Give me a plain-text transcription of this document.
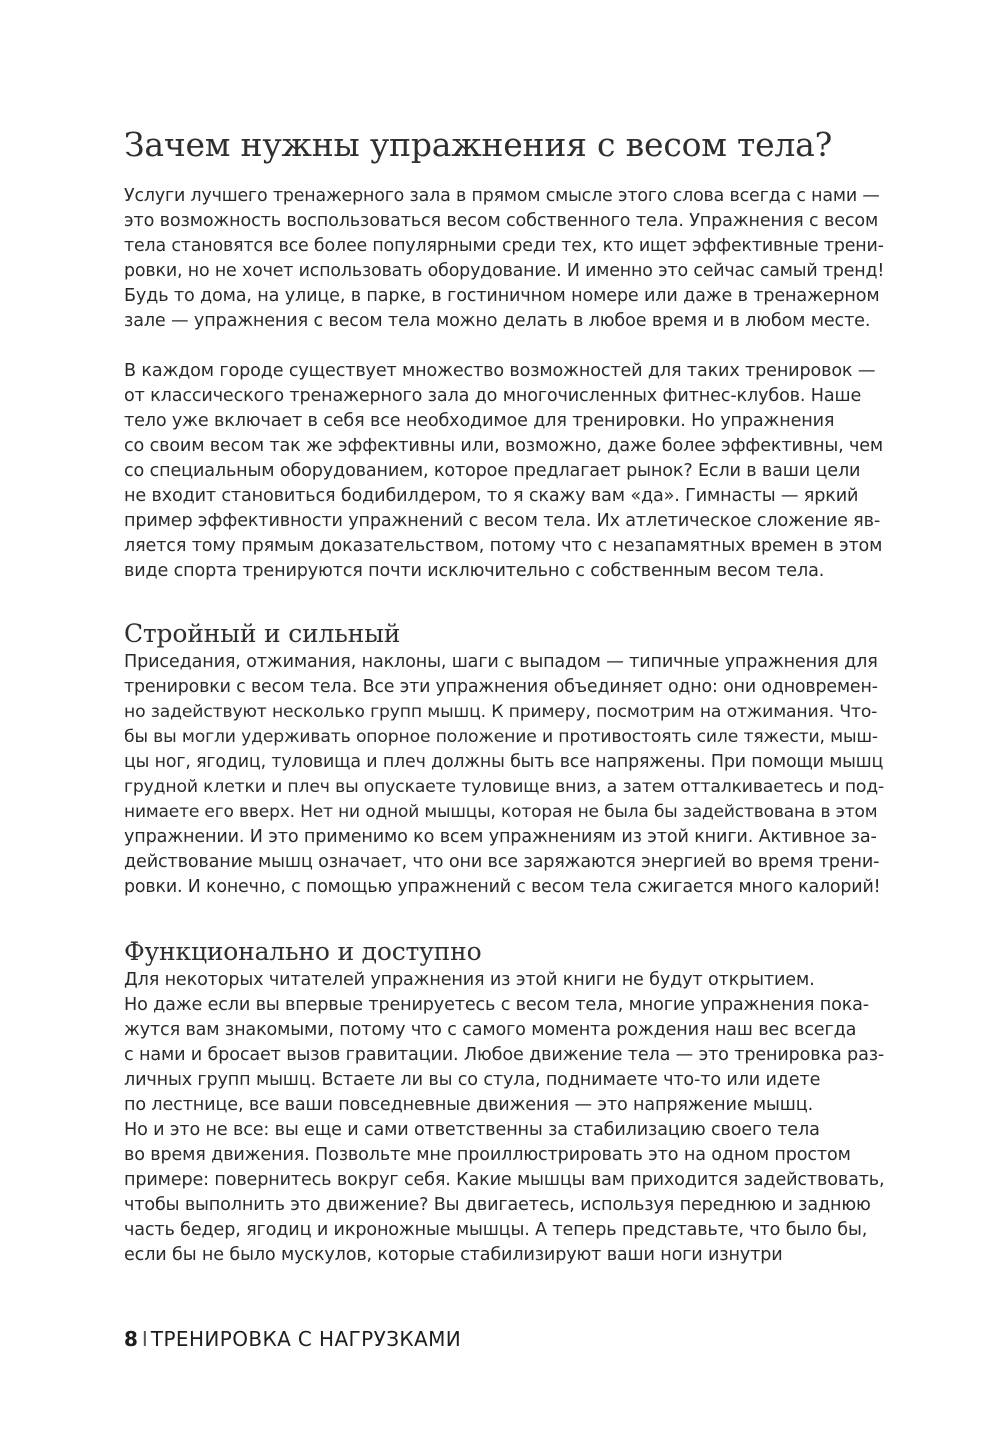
Зачем нужны упражнения с весом тела?
Услуги лучшего тренажерного зала в прямом смысле этого слова всегда с нами —
это возможность воспользоваться весом собственного тела. Упражнения с весом
тела становятся все более популярными среди тех, кто ищет эффективные трени-
ровки, но не хочет использовать оборудование. И именно это сейчас самый тренд!
Будь то дома, на улице, в парке, в гостиничном номере или даже в тренажерном
зале — упражнения с весом тела можно делать в любое время и в любом месте.
В каждом городе существует множество возможностей для таких тренировок —
от классического тренажерного зала до многочисленных фитнес-клубов. Наше
тело уже включает в себя все необходимое для тренировки. Но упражнения
со своим весом так же эффективны или, возможно, даже более эффективны, чем
со специальным оборудованием, которое предлагает рынок? Если в ваши цели
не входит становиться бодибилдером, то я скажу вам «да». Гимнасты — яркий
пример эффективности упражнений с весом тела. Их атлетическое сложение яв-
ляется тому прямым доказательством, потому что с незапамятных времен в этом
виде спорта тренируются почти исключительно с собственным весом тела.
Стройный и сильный
Приседания, отжимания, наклоны, шаги с выпадом — типичные упражнения для
тренировки с весом тела. Все эти упражнения объединяет одно: они одновремен-
но задействуют несколько групп мышц. К примеру, посмотрим на отжимания. Что-
бы вы могли удерживать опорное положение и противостоять силе тяжести, мыш-
цы ног, ягодиц, туловища и плеч должны быть все напряжены. При помощи мышц
грудной клетки и плеч вы опускаете туловище вниз, а затем отталкиваетесь и под-
нимаете его вверх. Нет ни одной мышцы, которая не была бы задействована в этом
упражнении. И это применимо ко всем упражнениям из этой книги. Активное за-
действование мышц означает, что они все заряжаются энергией во время трени-
ровки. И конечно, с помощью упражнений с весом тела сжигается много калорий!
Функционально и доступно
Для некоторых читателей упражнения из этой книги не будут открытием.
Но даже если вы впервые тренируетесь с весом тела, многие упражнения пока-
жутся вам знакомыми, потому что с самого момента рождения наш вес всегда
с нами и бросает вызов гравитации. Любое движение тела — это тренировка раз-
личных групп мышц. Встаете ли вы со стула, поднимаете что-то или идете
по лестнице, все ваши повседневные движения — это напряжение мышц.
Но и это не все: вы еще и сами ответственны за стабилизацию своего тела
во время движения. Позвольте мне проиллюстрировать это на одном простом
примере: повернитесь вокруг себя. Какие мышцы вам приходится задействовать,
чтобы выполнить это движение? Вы двигаетесь, используя переднюю и заднюю
часть бедер, ягодиц и икроножные мышцы. А теперь представьте, что было бы,
если бы не было мускулов, которые стабилизируют ваши ноги изнутри
8 I ТРЕНИРОВКА С НАГРУЗКАМИ
